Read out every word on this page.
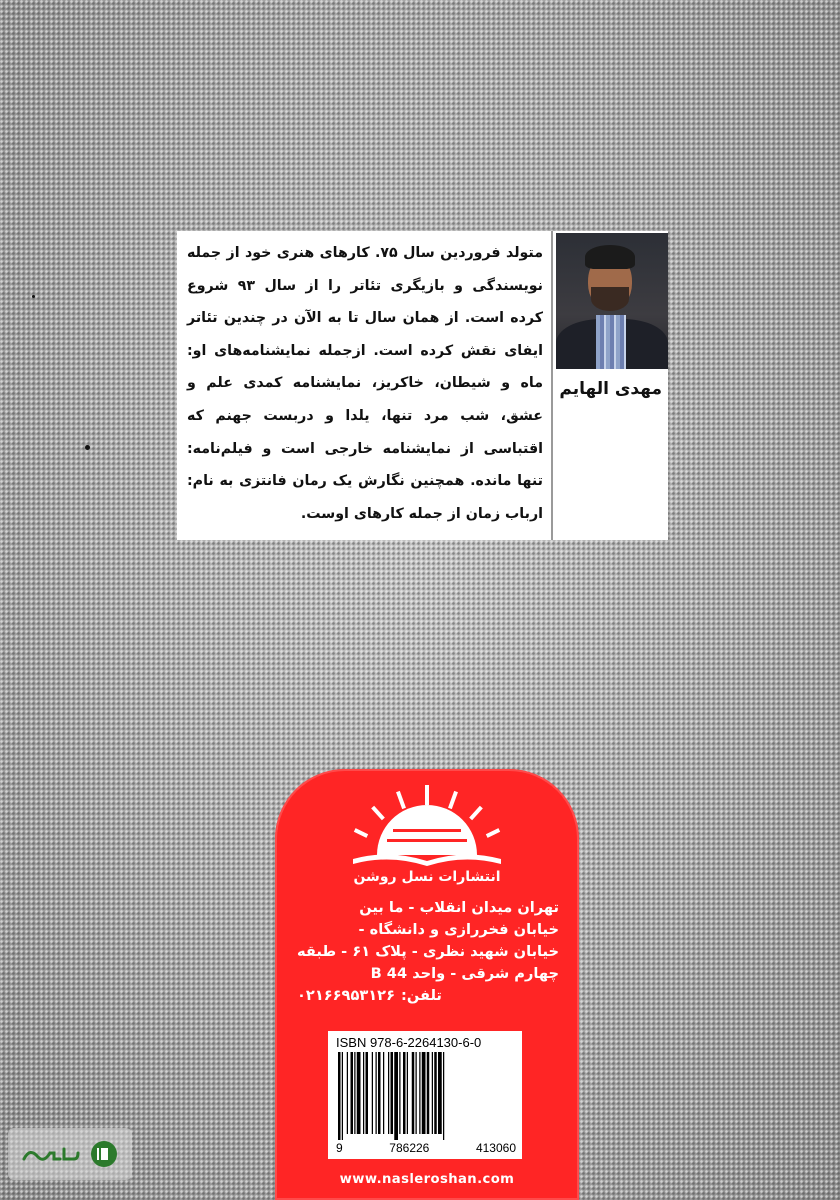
متولد فروردین سال ۷۵. کارهای هنری خود از جمله نویسندگی و بازیگری تئاتر را از سال ۹۳ شروع کرده است. از همان سال تا به الآن در چندین تئاتر ایفای نقش کرده است. ازجمله نمایشنامه‌های او: ماه و شیطان، خاکریز، نمایشنامه کمدی علم و عشق، شب مرد تنها، یلدا و دربست جهنم که اقتباسی از نمایشنامه خارجی است و فیلم‌نامه: تنها مانده. همچنین نگارش یک رمان فانتزی به نام: ارباب زمان از جمله کارهای اوست.
مهدی الهایم
انتشارات نسل روشن
تهران میدان انقلاب - ما بین
خیابان فخررازی و دانشگاه -
خیابان شهید نظری - پلاک ۶۱ - طبقه
چهارم شرقی - واحد 44 B
تلفن:
۰۲۱۶۶۹۵۳۱۲۶
ISBN 978-6-2264130-6-0
9	786226	413060
www.nasleroshan.com
